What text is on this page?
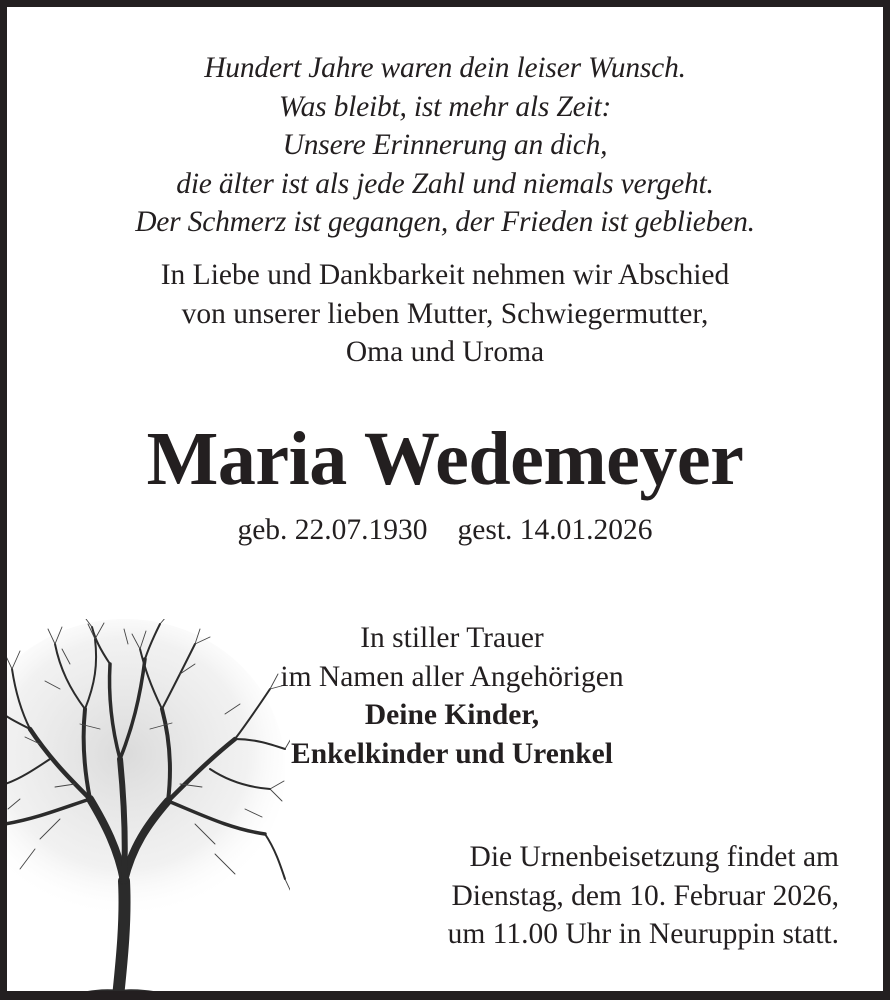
Hundert Jahre waren dein leiser Wunsch.
Was bleibt, ist mehr als Zeit:
Unsere Erinnerung an dich,
die älter ist als jede Zahl und niemals vergeht.
Der Schmerz ist gegangen, der Frieden ist geblieben.
In Liebe und Dankbarkeit nehmen wir Abschied
von unserer lieben Mutter, Schwiegermutter,
Oma und Uroma
Maria Wedemeyer
geb. 22.07.1930 gest. 14.01.2026
In stiller Trauer
im Namen aller Angehörigen
Deine Kinder,
Enkelkinder und Urenkel
Die Urnenbeisetzung findet am
Dienstag, dem 10. Februar 2026,
um 11.00 Uhr in Neuruppin statt.
